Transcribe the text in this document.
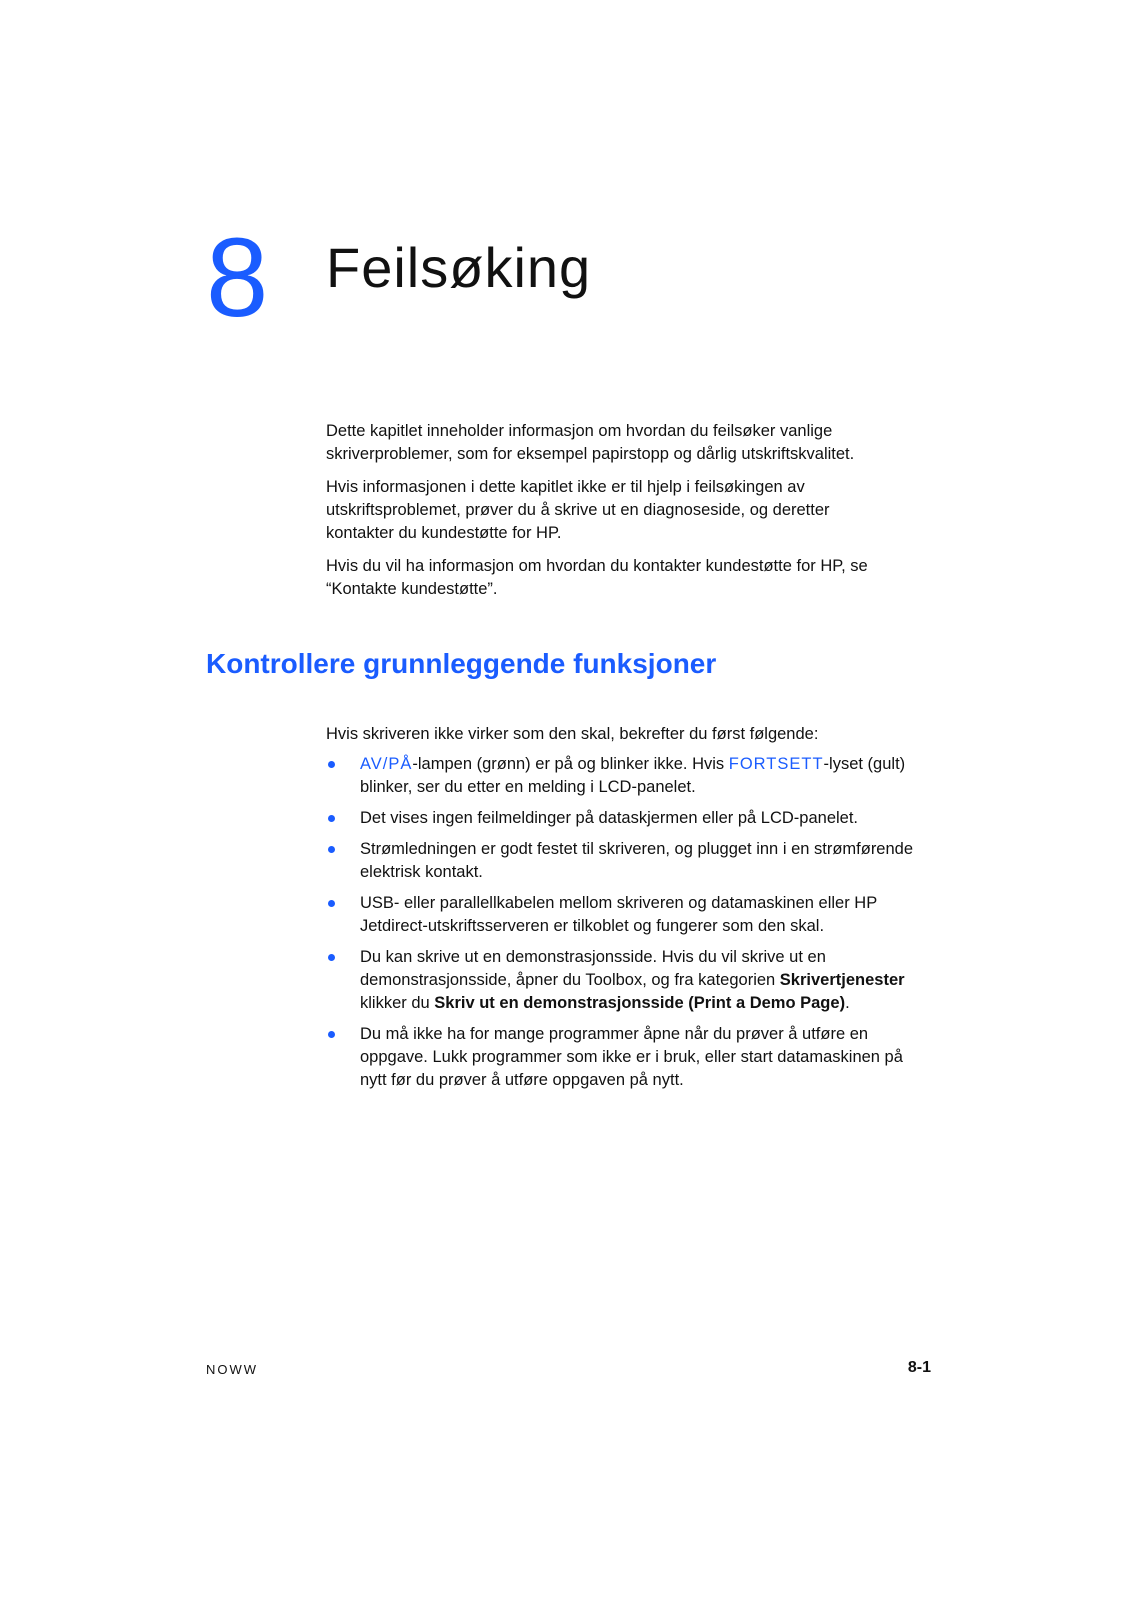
8 Feilsøking

Dette kapitlet inneholder informasjon om hvordan du feilsøker vanlige skriverproblemer, som for eksempel papirstopp og dårlig utskriftskvalitet.

Hvis informasjonen i dette kapitlet ikke er til hjelp i feilsøkingen av utskriftsproblemet, prøver du å skrive ut en diagnoseside, og deretter kontakter du kundestøtte for HP.

Hvis du vil ha informasjon om hvordan du kontakter kundestøtte for HP, se “Kontakte kundestøtte”.

Kontrollere grunnleggende funksjoner

Hvis skriveren ikke virker som den skal, bekrefter du først følgende:

AV/PÅ-lampen (grønn) er på og blinker ikke. Hvis FORTSETT-lyset (gult) blinker, ser du etter en melding i LCD-panelet.
Det vises ingen feilmeldinger på dataskjermen eller på LCD-panelet.
Strømledningen er godt festet til skriveren, og plugget inn i en strømførende elektrisk kontakt.
USB- eller parallellkabelen mellom skriveren og datamaskinen eller HP Jetdirect-utskriftsserveren er tilkoblet og fungerer som den skal.
Du kan skrive ut en demonstrasjonsside. Hvis du vil skrive ut en demonstrasjonsside, åpner du Toolbox, og fra kategorien Skrivertjenester klikker du Skriv ut en demonstrasjonsside (Print a Demo Page).
Du må ikke ha for mange programmer åpne når du prøver å utføre en oppgave. Lukk programmer som ikke er i bruk, eller start datamaskinen på nytt før du prøver å utføre oppgaven på nytt.
NOWW	8-1
